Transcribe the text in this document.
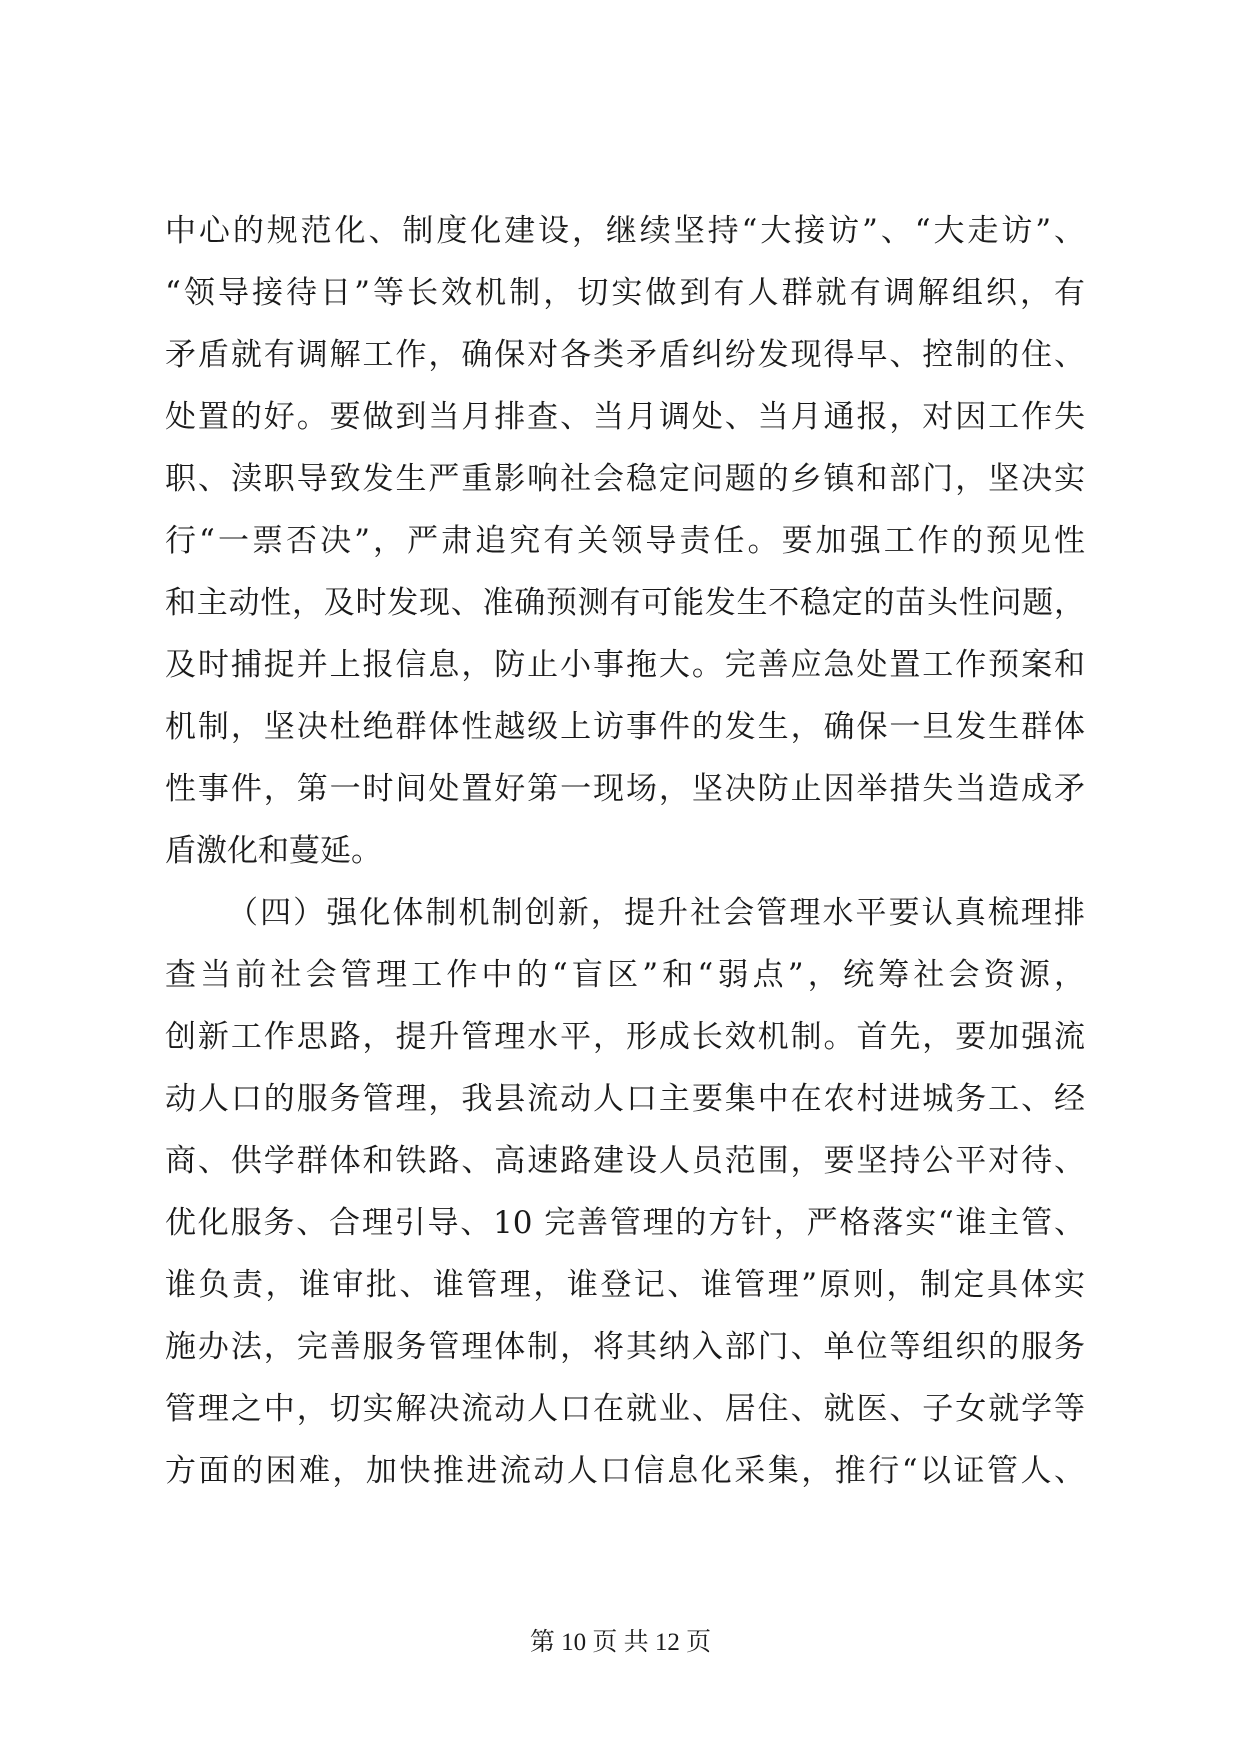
中心的规范化、制度化建设，继续坚持“大接访”、“大走访”、
“领导接待日”等长效机制，切实做到有人群就有调解组织，有
矛盾就有调解工作，确保对各类矛盾纠纷发现得早、控制的住、
处置的好。要做到当月排查、当月调处、当月通报，对因工作失
职、渎职导致发生严重影响社会稳定问题的乡镇和部门，坚决实
行“一票否决”，严肃追究有关领导责任。要加强工作的预见性
和主动性，及时发现、准确预测有可能发生不稳定的苗头性问题，
及时捕捉并上报信息，防止小事拖大。完善应急处置工作预案和
机制，坚决杜绝群体性越级上访事件的发生，确保一旦发生群体
性事件，第一时间处置好第一现场，坚决防止因举措失当造成矛
盾激化和蔓延。
（四）强化体制机制创新，提升社会管理水平要认真梳理排
查当前社会管理工作中的“盲区”和“弱点”，统筹社会资源，
创新工作思路，提升管理水平，形成长效机制。首先，要加强流
动人口的服务管理，我县流动人口主要集中在农村进城务工、经
商、供学群体和铁路、高速路建设人员范围，要坚持公平对待、
优化服务、合理引导、10 完善管理的方针，严格落实“谁主管、
谁负责，谁审批、谁管理，谁登记、谁管理”原则，制定具体实
施办法，完善服务管理体制，将其纳入部门、单位等组织的服务
管理之中，切实解决流动人口在就业、居住、就医、子女就学等
方面的困难，加快推进流动人口信息化采集，推行“以证管人、
第 10 页 共 12 页
